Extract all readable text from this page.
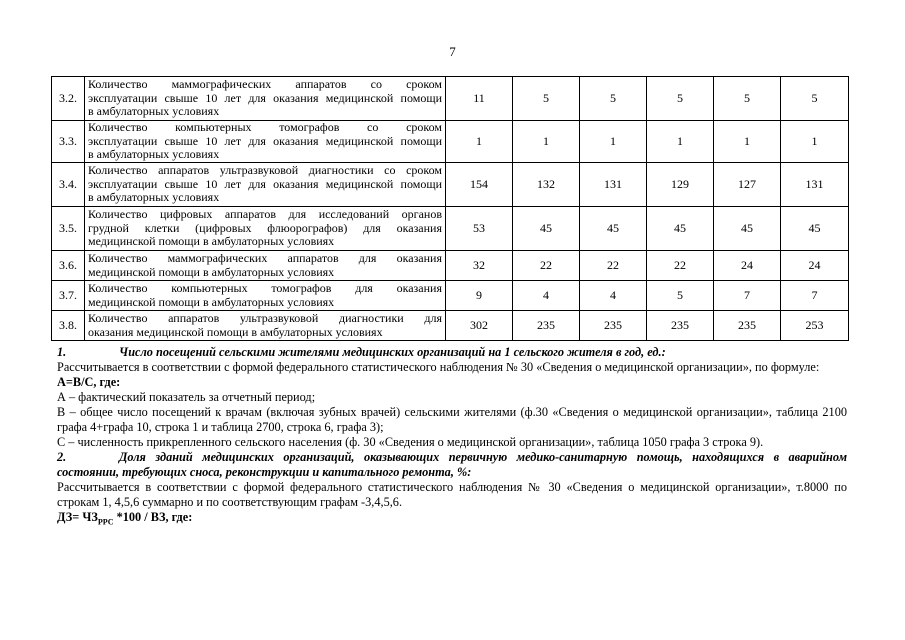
7
3.2.	Количество маммографических аппаратов со сроком
эксплуатации свыше 10 лет для оказания медицинской помощи
в амбулаторных условиях	11	5	5	5	5	5
3.3.	Количество компьютерных томографов со сроком
эксплуатации свыше 10 лет для оказания медицинской помощи
в амбулаторных условиях	1	1	1	1	1	1
3.4.	Количество аппаратов ультразвуковой диагностики со сроком
эксплуатации свыше 10 лет для оказания медицинской помощи
в амбулаторных условиях	154	132	131	129	127	131
3.5.	Количество цифровых аппаратов для исследований органов
грудной клетки (цифровых флюорографов) для оказания
медицинской помощи в амбулаторных условиях	53	45	45	45	45	45
3.6.	Количество маммографических аппаратов для оказания
медицинской помощи в амбулаторных условиях	32	22	22	22	24	24
3.7.	Количество компьютерных томографов для оказания
медицинской помощи в амбулаторных условиях	9	4	4	5	7	7
3.8.	Количество аппаратов ультразвуковой диагностики для
оказания медицинской помощи в амбулаторных условиях	302	235	235	235	235	253

1.	Число посещений сельскими жителями медицинских организаций на 1 сельского жителя в год, ед.:

Рассчитывается в соответствии с формой федерального статистического наблюдения № 30 «Сведения о медицинской организации», по формуле:

А=В/С, где:

А – фактический показатель за отчетный период;

В – общее число посещений к врачам (включая зубных врачей) сельскими жителями (ф.30 «Сведения о медицинской организации», таблица 2100 графа 4+графа 10, строка 1 и таблица 2700, строка 6, графа 3);

С – численность прикрепленного сельского населения (ф. 30 «Сведения о медицинской организации», таблица 1050 графа 3 строка 9).

2.	Доля зданий медицинских организаций, оказывающих первичную медико-санитарную помощь, находящихся в аварийном состоянии, требующих сноса, реконструкции и капитального ремонта, %:

Рассчитывается в соответствии с формой федерального статистического наблюдения № 30 «Сведения о медицинской организации», т.8000 по строкам 1, 4,5,6 суммарно и по соответствующим графам -3,4,5,6.

$ДЗ= ЧЗ_{РРС}$ *100 / ВЗ, где:
